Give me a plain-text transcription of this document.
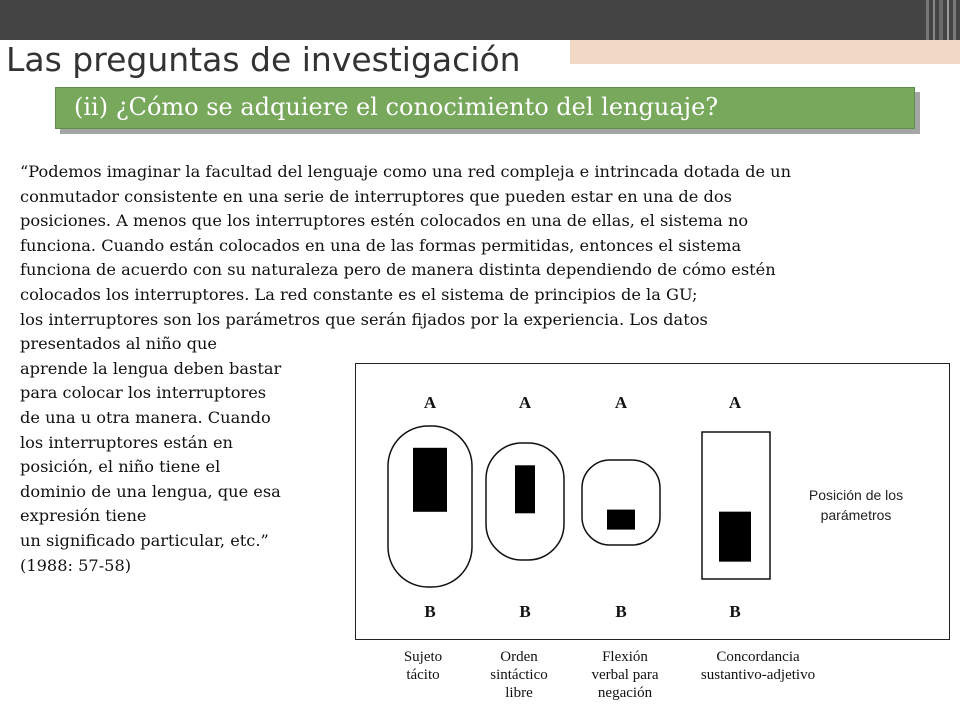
Las preguntas de investigación
(ii) ¿Cómo se adquiere el conocimiento del lenguaje?

“Podemos imaginar la facultad del lenguaje como una red compleja e intrincada dotada de un

conmutador consistente en una serie de interruptores que pueden estar en una de dos

posiciones. A menos que los interruptores estén colocados en una de ellas, el sistema no

funciona. Cuando están colocados en una de las formas permitidas, entonces el sistema

funciona de acuerdo con su naturaleza pero de manera distinta dependiendo de cómo estén

colocados los interruptores. La red constante es el sistema de principios de la GU;

los interruptores son los parámetros que serán fijados por la experiencia. Los datos

presentados al niño que

aprende la lengua deben bastar

para colocar los interruptores

de una u otra manera. Cuando

los interruptores están en

posición, el niño tiene el

dominio de una lengua, que esa

expresión tiene

un significado particular, etc.”

(1988: 57-58)

A
B
A
B
A
B
A
B
Posición de los
parámetros
Sujeto
tácito
Orden
sintáctico
libre
Flexión
verbal para
negación
Concordancia
sustantivo-adjetivo
